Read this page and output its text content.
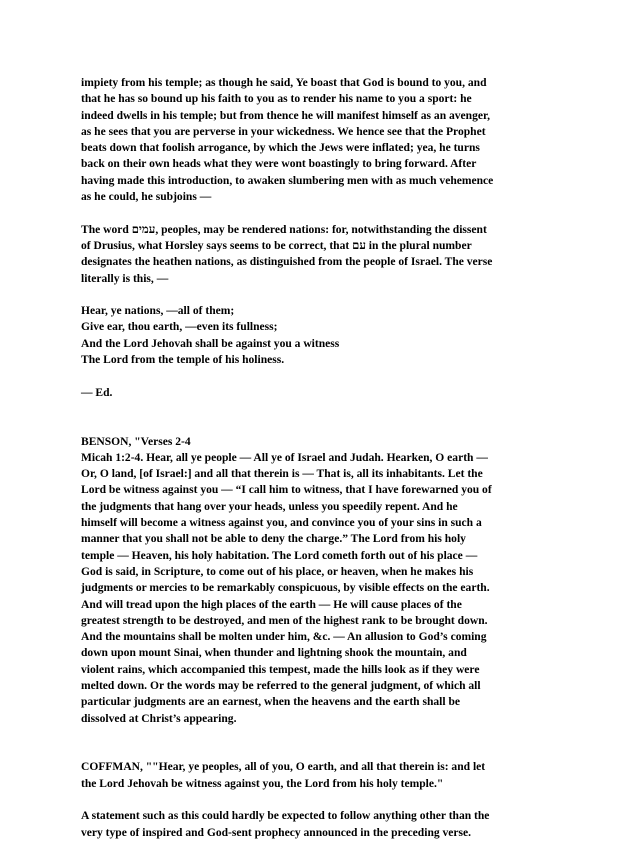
impiety from his temple; as though he said, Ye boast that God is bound to you, and
that he has so bound up his faith to you as to render his name to you a sport: he
indeed dwells in his temple; but from thence he will manifest himself as an avenger,
as he sees that you are perverse in your wickedness. We hence see that the Prophet
beats down that foolish arrogance, by which the Jews were inflated; yea, he turns
back on their own heads what they were wont boastingly to bring forward. After
having made this introduction, to awaken slumbering men with as much vehemence
as he could, he subjoins —

The word עמים, peoples, may be rendered nations: for, notwithstanding the dissent
of Drusius, what Horsley says seems to be correct, that עם in the plural number
designates the heathen nations, as distinguished from the people of Israel. The verse
literally is this, —

Hear, ye nations, —all of them;
Give ear, thou earth, —even its fullness;
And the Lord Jehovah shall be against you a witness
The Lord from the temple of his holiness.

— Ed.

BENSON, "Verses 2-4
Micah 1:2-4. Hear, all ye people — All ye of Israel and Judah. Hearken, O earth —
Or, O land, [of Israel:] and all that therein is — That is, all its inhabitants. Let the
Lord be witness against you — “I call him to witness, that I have forewarned you of
the judgments that hang over your heads, unless you speedily repent. And he
himself will become a witness against you, and convince you of your sins in such a
manner that you shall not be able to deny the charge.” The Lord from his holy
temple — Heaven, his holy habitation. The Lord cometh forth out of his place —
God is said, in Scripture, to come out of his place, or heaven, when he makes his
judgments or mercies to be remarkably conspicuous, by visible effects on the earth.
And will tread upon the high places of the earth — He will cause places of the
greatest strength to be destroyed, and men of the highest rank to be brought down.
And the mountains shall be molten under him, &c. — An allusion to God’s coming
down upon mount Sinai, when thunder and lightning shook the mountain, and
violent rains, which accompanied this tempest, made the hills look as if they were
melted down. Or the words may be referred to the general judgment, of which all
particular judgments are an earnest, when the heavens and the earth shall be
dissolved at Christ’s appearing.

COFFMAN, ""Hear, ye peoples, all of you, O earth, and all that therein is: and let
the Lord Jehovah be witness against you, the Lord from his holy temple."

A statement such as this could hardly be expected to follow anything other than the
very type of inspired and God-sent prophecy announced in the preceding verse.
